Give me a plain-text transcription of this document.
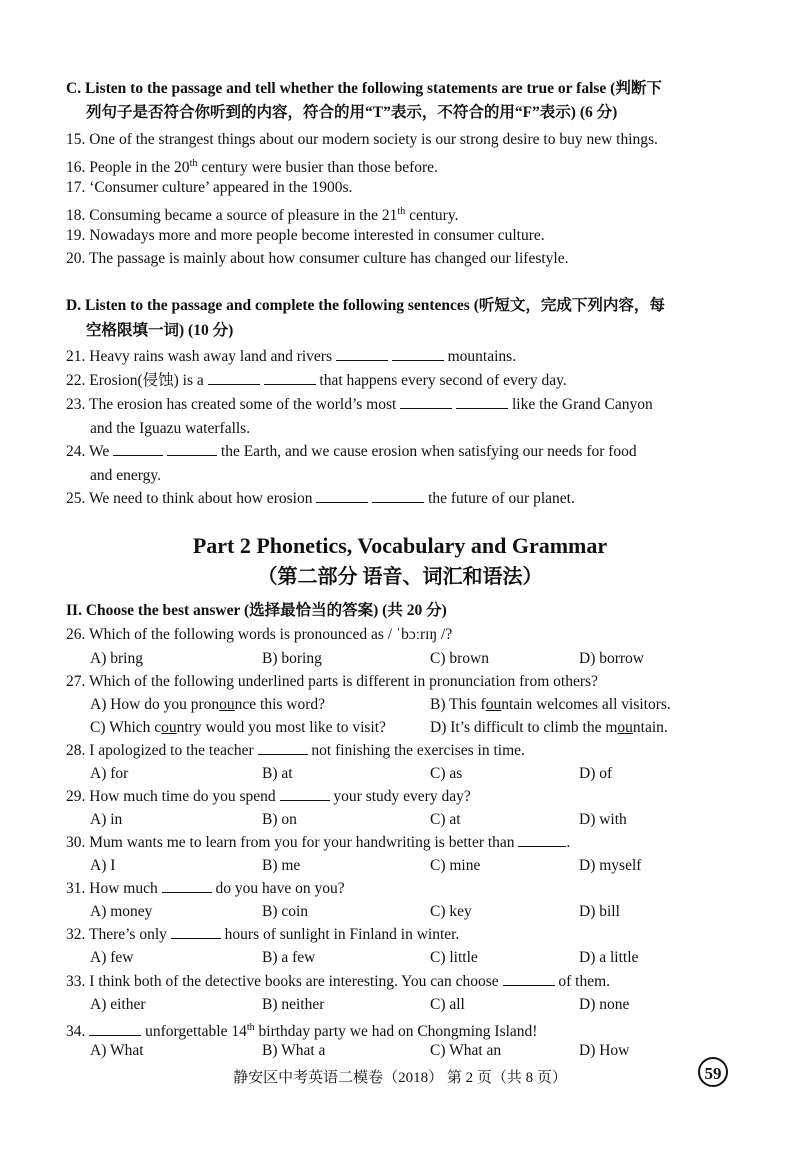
C. Listen to the passage and tell whether the following statements are true or false (判断下
列句子是否符合你听到的内容，符合的用“T”表示，不符合的用“F”表示) (6 分)
15. One of the strangest things about our modern society is our strong desire to buy new things.
16. People in the 20th century were busier than those before.
17. ‘Consumer culture’ appeared in the 1900s.
18. Consuming became a source of pleasure in the 21th century.
19. Nowadays more and more people become interested in consumer culture.
20. The passage is mainly about how consumer culture has changed our lifestyle.
D. Listen to the passage and complete the following sentences (听短文，完成下列内容，每
空格限填一词) (10 分)
21. Heavy rains wash away land and rivers	mountains.
22. Erosion(侵蚀) is a	that happens every second of every day.
23. The erosion has created some of the world’s most	like the Grand Canyon
and the Iguazu waterfalls.
24. We	the Earth, and we cause erosion when satisfying our needs for food
and energy.
25. We need to think about how erosion	the future of our planet.
Part 2 Phonetics, Vocabulary and Grammar
（第二部分 语音、词汇和语法）
II. Choose the best answer (选择最恰当的答案) (共 20 分)
26. Which of the following words is pronounced as / ˈbɔːrɪŋ /?
A) bring	B) boring	C) brown	D) borrow
27. Which of the following underlined parts is different in pronunciation from others?
A) How do you pronounce this word?	B) This fountain welcomes all visitors.
C) Which country would you most like to visit?	D) It’s difficult to climb the mountain.
28. I apologized to the teacher	not finishing the exercises in time.
A) for	B) at	C) as	D) of
29. How much time do you spend	your study every day?
A) in	B) on	C) at	D) with
30. Mum wants me to learn from you for your handwriting is better than	.
A) I	B) me	C) mine	D) myself
31. How much	do you have on you?
A) money	B) coin	C) key	D) bill
32. There’s only	hours of sunlight in Finland in winter.
A) few	B) a few	C) little	D) a little
33. I think both of the detective books are interesting. You can choose	of them.
A) either	B) neither	C) all	D) none
34.	unforgettable 14th birthday party we had on Chongming Island!
A) What	B) What a	C) What an	D) How
静安区中考英语二模卷（2018） 第 2 页（共 8 页）	59
